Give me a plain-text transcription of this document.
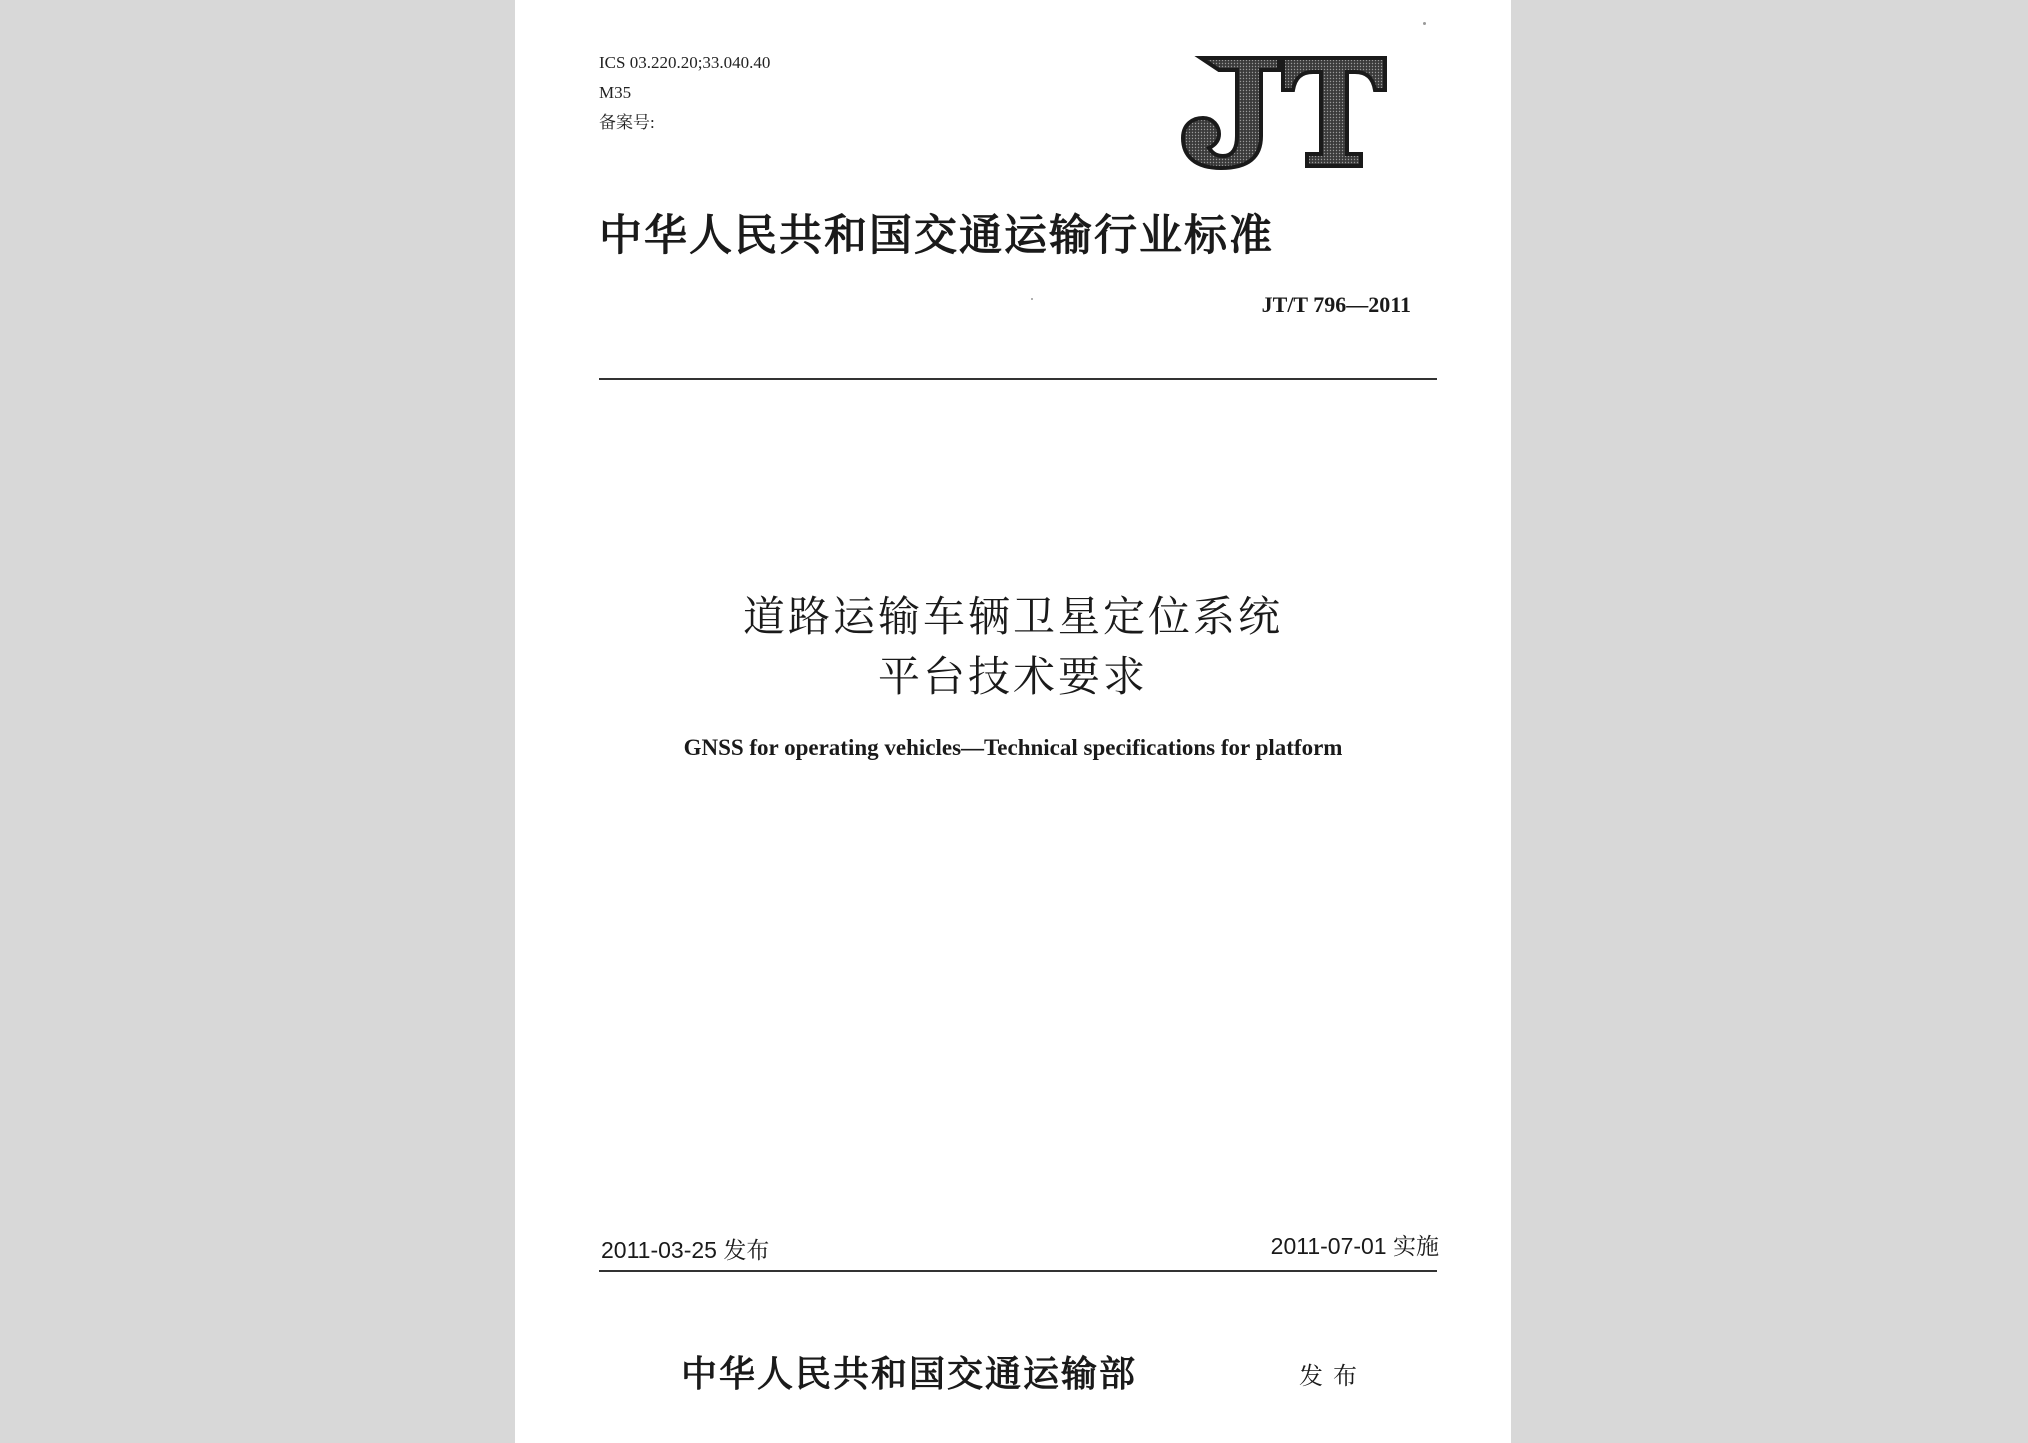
ICS 03.220.20;33.040.40
M35
备案号:
中华人民共和国交通运输行业标准
JT/T 796—2011
道路运输车辆卫星定位系统
平台技术要求
GNSS for operating vehicles—Technical specifications for platform
2011-03-25 发布	2011-07-01 实施
中华人民共和国交通运输部	发布
